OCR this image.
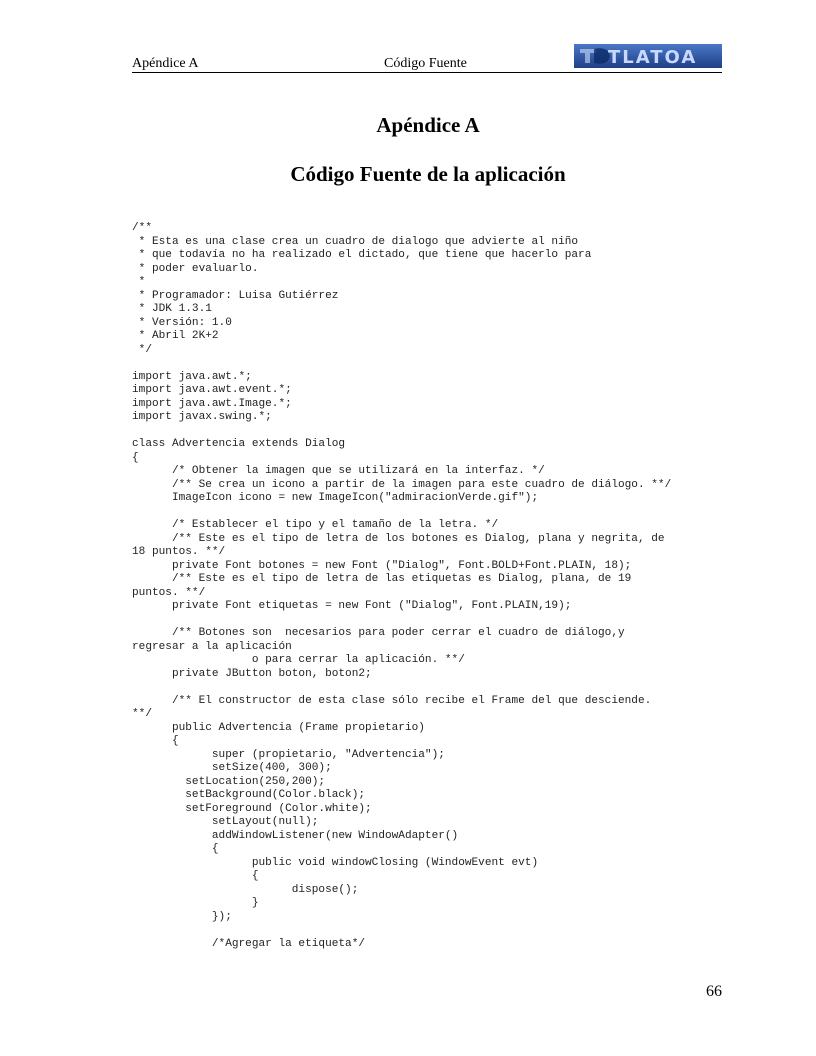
Apéndice A	Código Fuente	TLATOA
Apéndice A
Código Fuente de la aplicación
/**
* Esta es una clase crea un cuadro de dialogo que advierte al niño
* que todavía no ha realizado el dictado, que tiene que hacerlo para
* poder evaluarlo.
*
* Programador: Luisa Gutiérrez
* JDK 1.3.1
* Versión: 1.0
* Abril 2K+2
*/

import java.awt.*;
import java.awt.event.*;
import java.awt.Image.*;
import javax.swing.*;

class Advertencia extends Dialog
{
/* Obtener la imagen que se utilizará en la interfaz. */
/** Se crea un icono a partir de la imagen para este cuadro de diálogo. **/
ImageIcon icono = new ImageIcon("admiracionVerde.gif");

/* Establecer el tipo y el tamaño de la letra. */
/** Este es el tipo de letra de los botones es Dialog, plana y negrita, de
18 puntos. **/
private Font botones = new Font ("Dialog", Font.BOLD+Font.PLAIN, 18);
/** Este es el tipo de letra de las etiquetas es Dialog, plana, de 19
puntos. **/
private Font etiquetas = new Font ("Dialog", Font.PLAIN,19);

/** Botones son  necesarios para poder cerrar el cuadro de diálogo,y
regresar a la aplicación
o para cerrar la aplicación. **/
private JButton boton, boton2;

/** El constructor de esta clase sólo recibe el Frame del que desciende.
**/
public Advertencia (Frame propietario)
{
super (propietario, "Advertencia");
setSize(400, 300);
setLocation(250,200);
setBackground(Color.black);
setForeground (Color.white);
setLayout(null);
addWindowListener(new WindowAdapter()
{
public void windowClosing (WindowEvent evt)
{
dispose();
}
});

/*Agregar la etiqueta*/
66
